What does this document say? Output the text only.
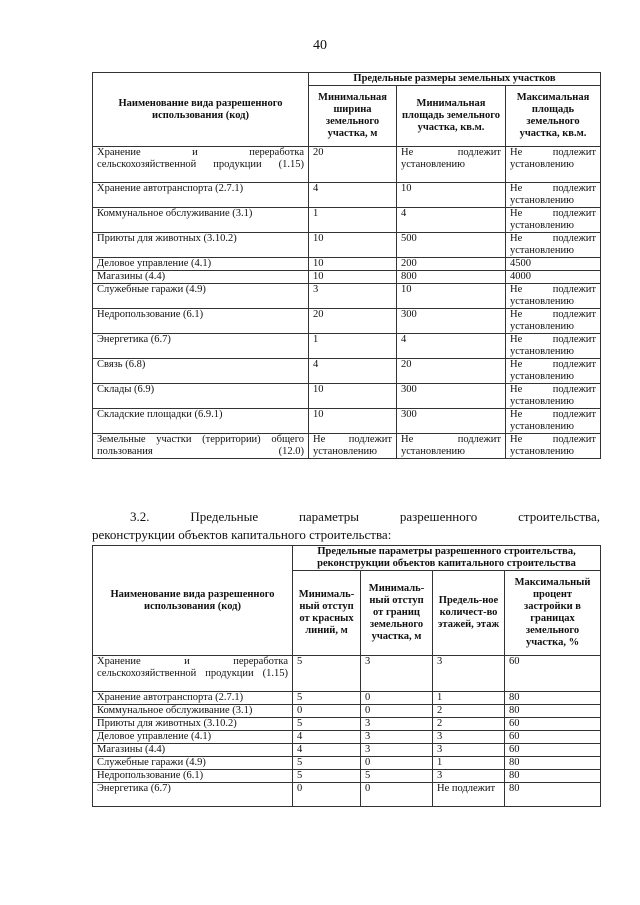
40
Наименование вида разрешенного использования (код)	Предельные размеры земельных участков		
	Минимальная ширина земельного участка, м	Минимальная площадь земельного участка, кв.м.	Максимальная площадь земельного участка, кв.м.
Хранение и переработка сельскохозяйственной продукции (1.15)	20	Не подлежит установлению	Не подлежит установлению
Хранение автотранспорта (2.7.1)	4	10	Не подлежит установлению
Коммунальное обслуживание (3.1)	1	4	Не подлежит установлению
Приюты для животных (3.10.2)	10	500	Не подлежит установлению
Деловое управление (4.1)	10	200	4500
Магазины (4.4)	10	800	4000
Служебные гаражи (4.9)	3	10	Не подлежит установлению
Недропользование (6.1)	20	300	Не подлежит установлению
Энергетика (6.7)	1	4	Не подлежит установлению
Связь (6.8)	4	20	Не подлежит установлению
Склады (6.9)	10	300	Не подлежит установлению
Складские площадки (6.9.1)	10	300	Не подлежит установлению
Земельные участки (территории) общего пользования (12.0)	Не подлежит установлению	Не подлежит установлению	Не подлежит установлению
3.2. Предельные параметры разрешенного строительства,
реконструкции объектов капитального строительства:
Наименование вида разрешенного использования (код)	Предельные параметры разрешенного строительства, реконструкции объектов капитального строительства			
	Минималь-ный отступ от красных линий, м	Минималь-ный отступ от границ земельного участка, м	Предель-ное количест-во этажей, этаж	Максимальный процент застройки в границах земельного участка, %
Хранение и переработка сельскохозяйственной продукции (1.15)	5	3	3	60
Хранение автотранспорта (2.7.1)	5	0	1	80
Коммунальное обслуживание (3.1)	0	0	2	80
Приюты для животных (3.10.2)	5	3	2	60
Деловое управление (4.1)	4	3	3	60
Магазины (4.4)	4	3	3	60
Служебные гаражи (4.9)	5	0	1	80
Недропользование (6.1)	5	5	3	80
Энергетика (6.7)	0	0	Не подлежит	80
